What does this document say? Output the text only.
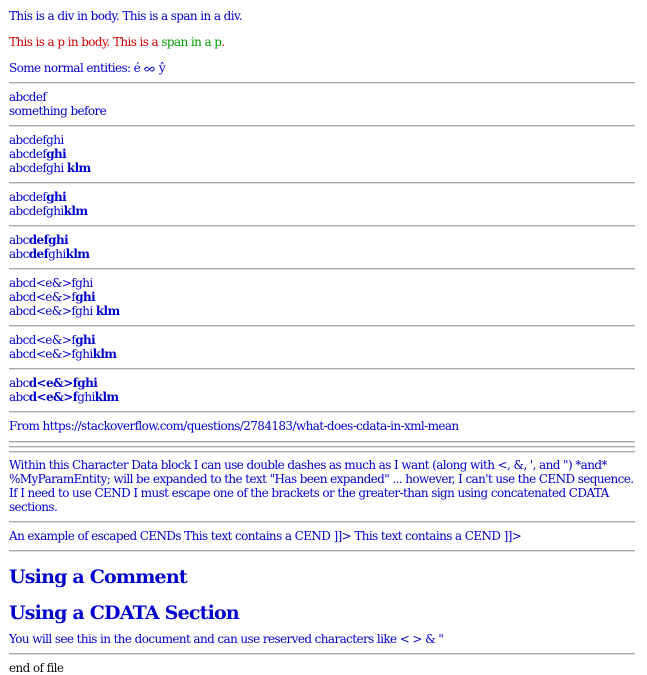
This is a div in body. This is a span in a div.

This is a p in body. This is a span in a p.

Some normal entities: é ᨖ ŷ

abcdef

something before

abcdefghi

abcdefghi

abcdefghi klm

abcdefghi

abcdefghiklm

abcdefghi

abcdefghiklm

abcd<e&>fghi

abcd<e&>fghi

abcd<e&>fghi klm

abcd<e&>fghi

abcd<e&>fghiklm

abcd<e&>fghi

abcd<e&>fghiklm

From https://stackoverflow.com/questions/2784183/what-does-cdata-in-xml-mean

Within this Character Data block I can use double dashes as much as I want (along with <, &, ', and ") *and* %MyParamEntity; will be expanded to the text "Has been expanded" ... however, I can't use the CEND sequence. If I need to use CEND I must escape one of the brackets or the greater-than sign using concatenated CDATA sections.

An example of escaped CENDs This text contains a CEND ]]> This text contains a CEND ]]>

Using a Comment
Using a CDATA Section

You will see this in the document and can use reserved characters like < > & "

end of file
